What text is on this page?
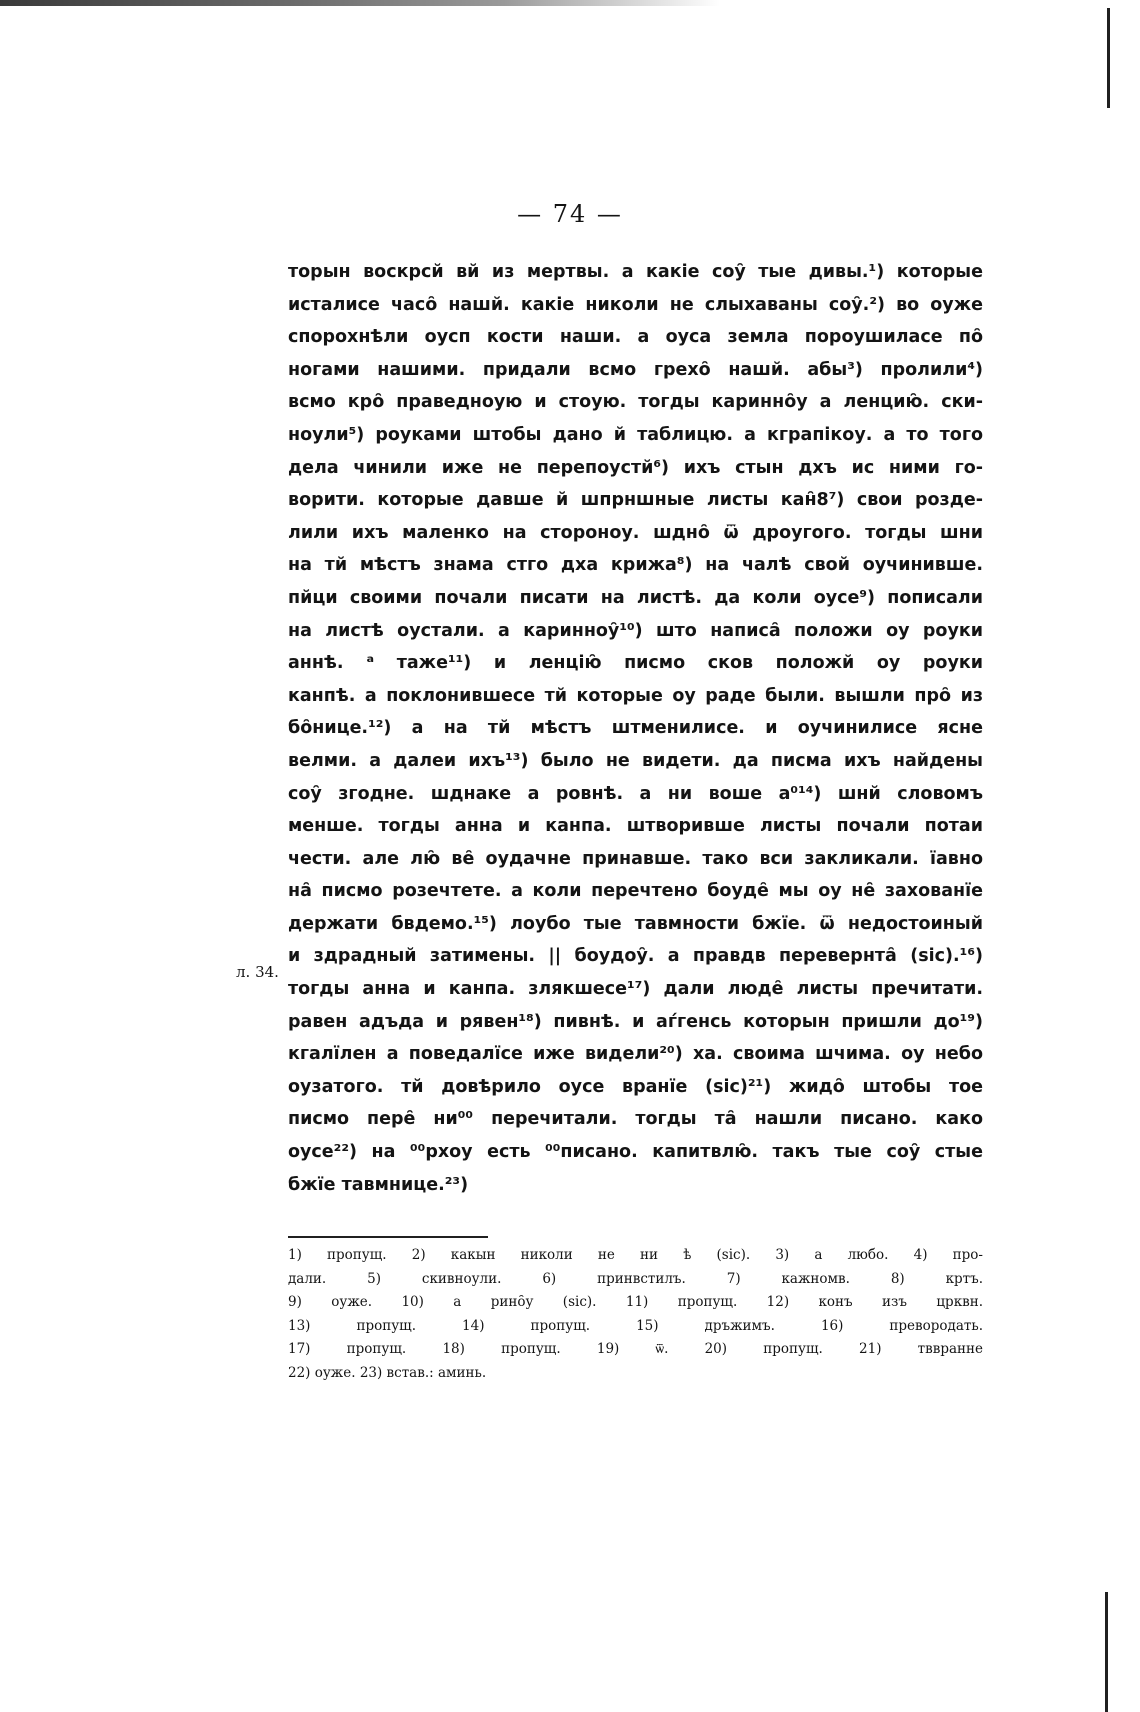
— 74 —
торын воскрсй вй из мертвы. а какіе соу̑ тые дивы.¹) которые
исталисе часо̑ нашй. какіе николи не слыхаваны соу̑.²) во оуже
спорохнѣли оусп кости наши. а оуса земла пороушиласе по̑
ногами нашими. придали всмо грехо̑ нашй. абы³) пролили⁴)
всмо кро̑ праведноую и стоую. тогды каринно̑у а ленцию̑. ски-
ноули⁵) роуками штобы дано й таблицю. а кграпікоу. а то того
дела чинили иже не перепоустй⁶) ихъ стын дхъ ис ними го-
ворити. которые давше й шпрншные листы кан̑8⁷) свои розде-
лили ихъ маленко на стороноу. шдно̑ ѿ дроугого. тогды шни
на тй мѣстъ знама стго дха крижа⁸) на чалѣ свой оучинивше.
пйци своими почали писати на листѣ. да коли оусе⁹) пописали
на листѣ оустали. а каринноу̑¹⁰) што написа̑ положи оу роуки
аннѣ. ᵃ таже¹¹) и ленцію̑ писмо сков положй оу роуки
канпѣ. а поклонившесе тй которые оу раде были. вышли про̑ из
бо̑нице.¹²) а на тй мѣстъ штменилисе. и оучинилисе ясне
велми. а далеи ихъ¹³) было не видети. да писма ихъ найдены
соу̑ згодне. шднаке а ровнѣ. а ни воше а⁰¹⁴) шнй словомъ
менше. тогды анна и канпа. штворивше листы почали потаи
чести. але лю̑ ве̑ оудачне принавше. тако вси закликали. їавно
на̑ писмо розечтете. а коли перечтено боуде̑ мы оу не̑ захованїе
держати бвдемо.¹⁵) лоубо тые тавмности бжїе. ѿ недостоиный
и здрадный затимены. || боудоу̑. а правдв перевернта̑ (sic).¹⁶)
тогды анна и канпа. злякшесе¹⁷) дали люде̑ листы пречитати.
равен адъда и рявен¹⁸) пивнѣ. и аѓгенсь которын пришли до¹⁹)
кгалїлен а поведалїсе иже видели²⁰) ха. своима шчима. оу небо
оузатого. тй довѣрило оусе вранїе (sic)²¹) жидо̑ штобы тое
писмо пере̑ ни⁰⁰ перечитали. тогды та̑ нашли писано. како
оусе²²) на ⁰⁰рхоу есть ⁰⁰писано. капитвлю̑. такъ тые соу̑ стые
бжїе тавмнице.²³)
л. 34.
1) пропущ. 2) какын николи не ни ѣ (sic). 3) а любо. 4) про-
дали.	5) скивноули.	6) принвстилъ.	7) кажномв.	8) кртъ.
9) оуже. 10) а рино̑у (sic). 11) пропущ. 12) конъ изъ црквн.
13) пропущ.	14) пропущ.	15) дръжимъ.	16) превородать.
17) пропущ.	18) пропущ.	19) ѿ.	20) пропущ.	21) тввранне
22) оуже. 23) встав.: аминь.
